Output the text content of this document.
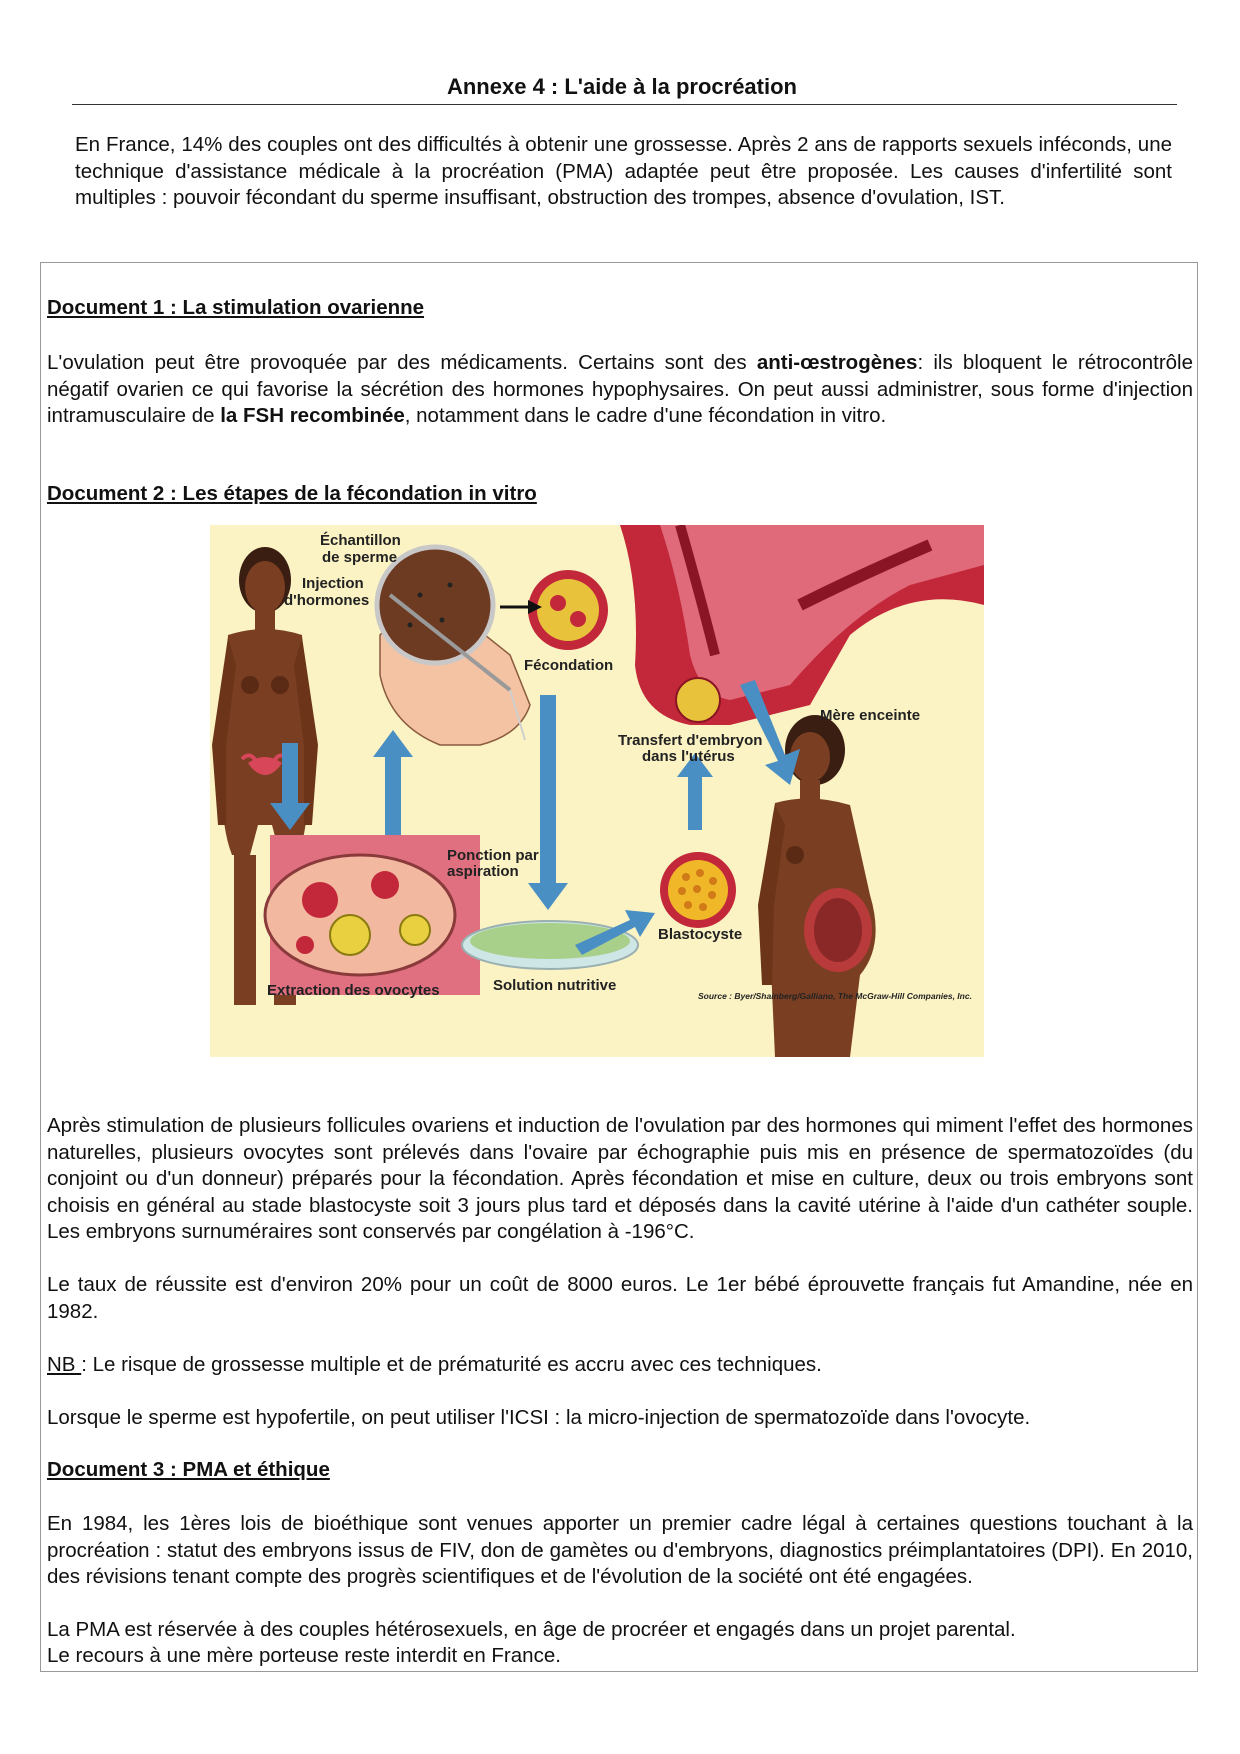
Annexe 4 : L'aide à la procréation
En France, 14% des couples ont des difficultés à obtenir une grossesse. Après 2 ans de rapports sexuels inféconds, une technique d'assistance médicale à la procréation (PMA) adaptée peut être proposée. Les causes d'infertilité sont multiples : pouvoir fécondant du sperme insuffisant, obstruction des trompes, absence d'ovulation, IST.
Document 1 : La stimulation ovarienne
L'ovulation peut être provoquée par des médicaments. Certains sont des anti-œstrogènes: ils bloquent le rétrocontrôle négatif ovarien ce qui favorise la sécrétion des hormones hypophysaires. On peut aussi administrer, sous forme d'injection intramusculaire de la FSH recombinée, notamment dans le cadre d'une fécondation in vitro.
Document 2 : Les étapes de la fécondation in vitro
Échantillon
de sperme
Injection
d'hormones
Fécondation
Mère enceinte
Transfert d'embryon
dans l'utérus
Ponction par
aspiration
Blastocyste
Solution nutritive
Extraction des ovocytes	Source : Byer/Shainberg/Galliano, The McGraw-Hill Companies, Inc.
Après stimulation de plusieurs follicules ovariens et induction de l'ovulation par des hormones qui miment l'effet des hormones naturelles, plusieurs ovocytes sont prélevés dans l'ovaire par échographie puis mis en présence de spermatozoïdes (du conjoint ou d'un donneur) préparés pour la fécondation. Après fécondation et mise en culture, deux ou trois embryons sont choisis en général au stade blastocyste soit 3 jours plus tard et déposés dans la cavité utérine à l'aide d'un cathéter souple. Les embryons surnuméraires sont conservés par congélation à -196°C.
Le taux de réussite est d'environ 20% pour un coût de 8000 euros. Le 1er bébé éprouvette français fut Amandine, née en 1982.
NB : Le risque de grossesse multiple et de prématurité es accru avec ces techniques.
Lorsque le sperme est hypofertile, on peut utiliser l'ICSI : la micro-injection de spermatozoïde dans l'ovocyte.
Document 3 : PMA et éthique
En 1984, les 1ères lois de bioéthique sont venues apporter un premier cadre légal à certaines questions touchant à la procréation : statut des embryons issus de FIV, don de gamètes ou d'embryons, diagnostics préimplantatoires (DPI). En 2010, des révisions tenant compte des progrès scientifiques et de l'évolution de la société ont été engagées.
La PMA est réservée à des couples hétérosexuels, en âge de procréer et engagés dans un projet parental.
Le recours à une mère porteuse reste interdit en France.
